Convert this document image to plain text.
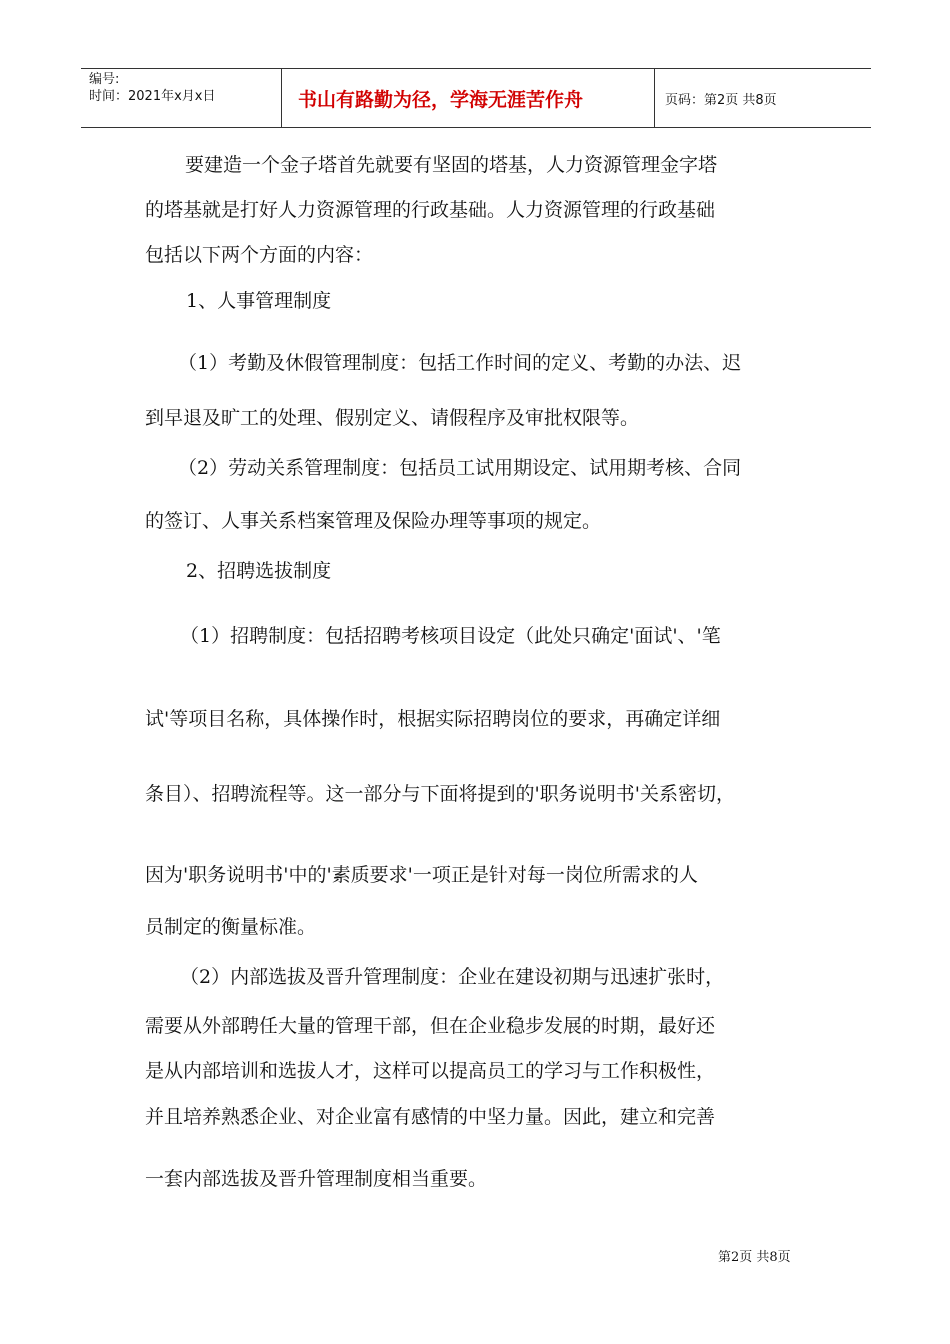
编号:
时间：2021年x月x日	书山有路勤为径，学海无涯苦作舟	页码：第2页 共8页

要建造一个金子塔首先就要有坚固的塔基，人力资源管理金字塔

的塔基就是打好人力资源管理的行政基础。人力资源管理的行政基础

包括以下两个方面的内容：

1、人事管理制度

（1）考勤及休假管理制度：包括工作时间的定义、考勤的办法、迟

到早退及旷工的处理、假别定义、请假程序及审批权限等。

（2）劳动关系管理制度：包括员工试用期设定、试用期考核、合同

的签订、人事关系档案管理及保险办理等事项的规定。

2、招聘选拔制度

（1）招聘制度：包括招聘考核项目设定（此处只确定'面试'、'笔

试'等项目名称，具体操作时，根据实际招聘岗位的要求，再确定详细

条目）、招聘流程等。这一部分与下面将提到的'职务说明书'关系密切，

因为'职务说明书'中的'素质要求'一项正是针对每一岗位所需求的人

员制定的衡量标准。

（2）内部选拔及晋升管理制度：企业在建设初期与迅速扩张时，

需要从外部聘任大量的管理干部，但在企业稳步发展的时期，最好还

是从内部培训和选拔人才，这样可以提高员工的学习与工作积极性，

并且培养熟悉企业、对企业富有感情的中坚力量。因此，建立和完善

一套内部选拔及晋升管理制度相当重要。

第2页 共8页
